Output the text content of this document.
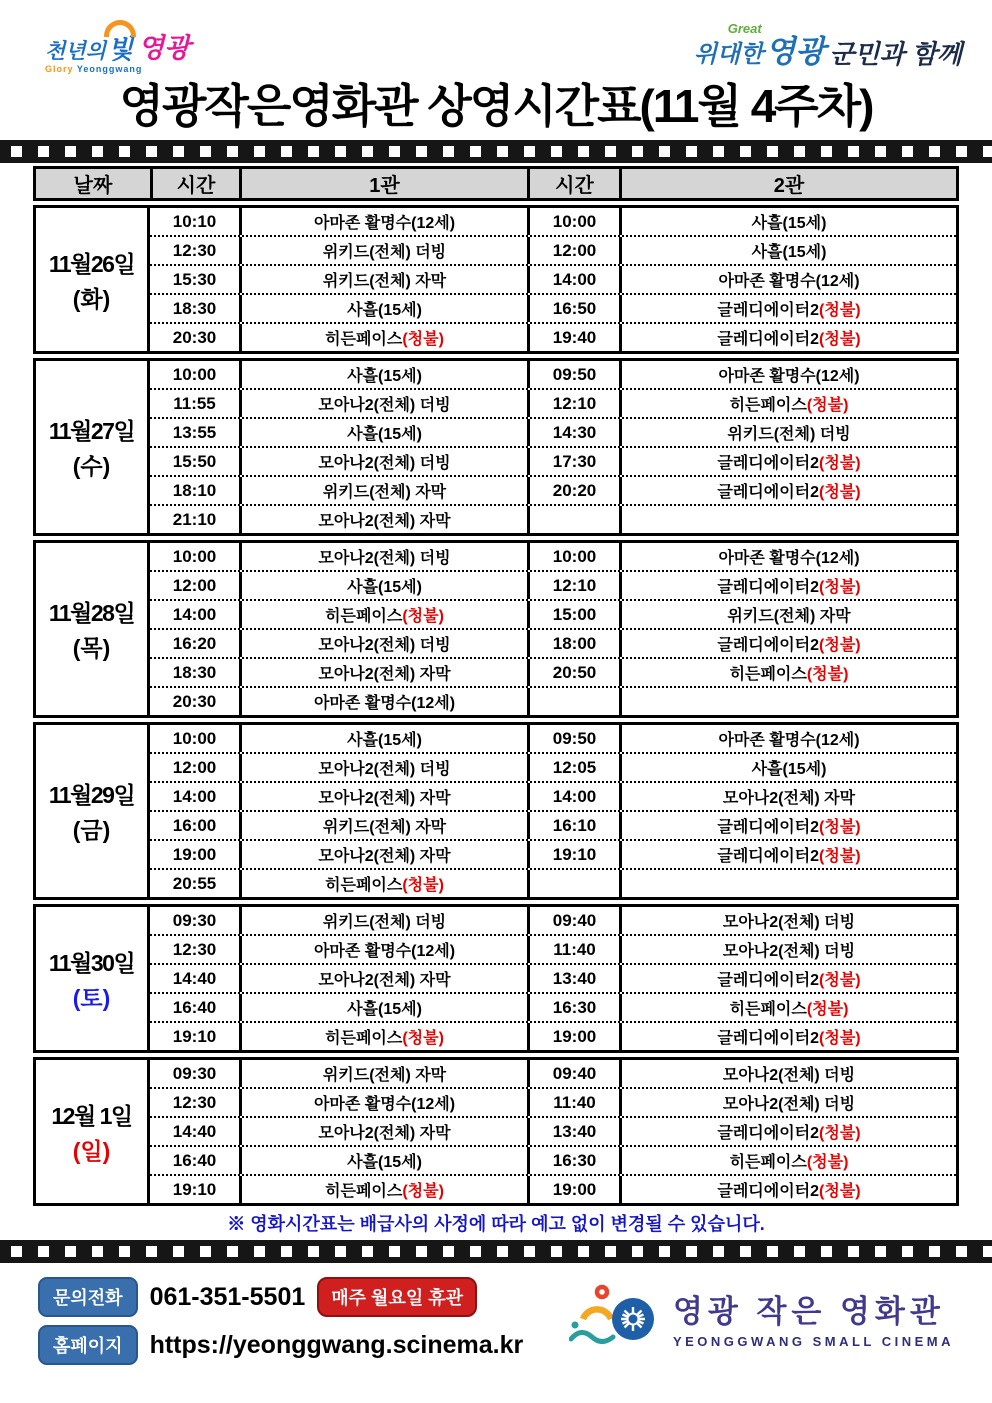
천년의 빛 영광
Glory Yeonggwang
Great
위대한 영광 군민과 함께
영광작은영화관 상영시간표(11월 4주차)
날짜	시간	1관	시간	2관
11월26일
(화)
10:10	아마존 활명수(12세)	10:00	사흘(15세)
12:30	위키드(전체) 더빙	12:00	사흘(15세)
15:30	위키드(전체) 자막	14:00	아마존 활명수(12세)
18:30	사흘(15세)	16:50	글레디에이터2 (청불)
20:30	히든페이스 (청불)	19:40	글레디에이터2 (청불)
11월27일
(수)
10:00	사흘(15세)	09:50	아마존 활명수(12세)
11:55	모아나2(전체) 더빙	12:10	히든페이스 (청불)
13:55	사흘(15세)	14:30	위키드(전체) 더빙
15:50	모아나2(전체) 더빙	17:30	글레디에이터2 (청불)
18:10	위키드(전체) 자막	20:20	글레디에이터2 (청불)
21:10	모아나2(전체) 자막
11월28일
(목)
10:00	모아나2(전체) 더빙	10:00	아마존 활명수(12세)
12:00	사흘(15세)	12:10	글레디에이터2 (청불)
14:00	히든페이스 (청불)	15:00	위키드(전체) 자막
16:20	모아나2(전체) 더빙	18:00	글레디에이터2 (청불)
18:30	모아나2(전체) 자막	20:50	히든페이스 (청불)
20:30	아마존 활명수(12세)
11월29일
(금)
10:00	사흘(15세)	09:50	아마존 활명수(12세)
12:00	모아나2(전체) 더빙	12:05	사흘(15세)
14:00	모아나2(전체) 자막	14:00	모아나2(전체) 자막
16:00	위키드(전체) 자막	16:10	글레디에이터2 (청불)
19:00	모아나2(전체) 자막	19:10	글레디에이터2 (청불)
20:55	히든페이스 (청불)
11월30일
(토)
09:30	위키드(전체) 더빙	09:40	모아나2(전체) 더빙
12:30	아마존 활명수(12세)	11:40	모아나2(전체) 더빙
14:40	모아나2(전체) 자막	13:40	글레디에이터2 (청불)
16:40	사흘(15세)	16:30	히든페이스 (청불)
19:10	히든페이스 (청불)	19:00	글레디에이터2 (청불)
12월 1일
(일)
09:30	위키드(전체) 자막	09:40	모아나2(전체) 더빙
12:30	아마존 활명수(12세)	11:40	모아나2(전체) 더빙
14:40	모아나2(전체) 자막	13:40	글레디에이터2 (청불)
16:40	사흘(15세)	16:30	히든페이스 (청불)
19:10	히든페이스 (청불)	19:00	글레디에이터2 (청불)
※ 영화시간표는 배급사의 사정에 따라 예고 없이 변경될 수 있습니다.
문의전화	061-351-5501	매주 월요일 휴관
홈페이지	https://yeonggwang.scinema.kr
영광 작은 영화관
YEONGGWANG SMALL CINEMA
